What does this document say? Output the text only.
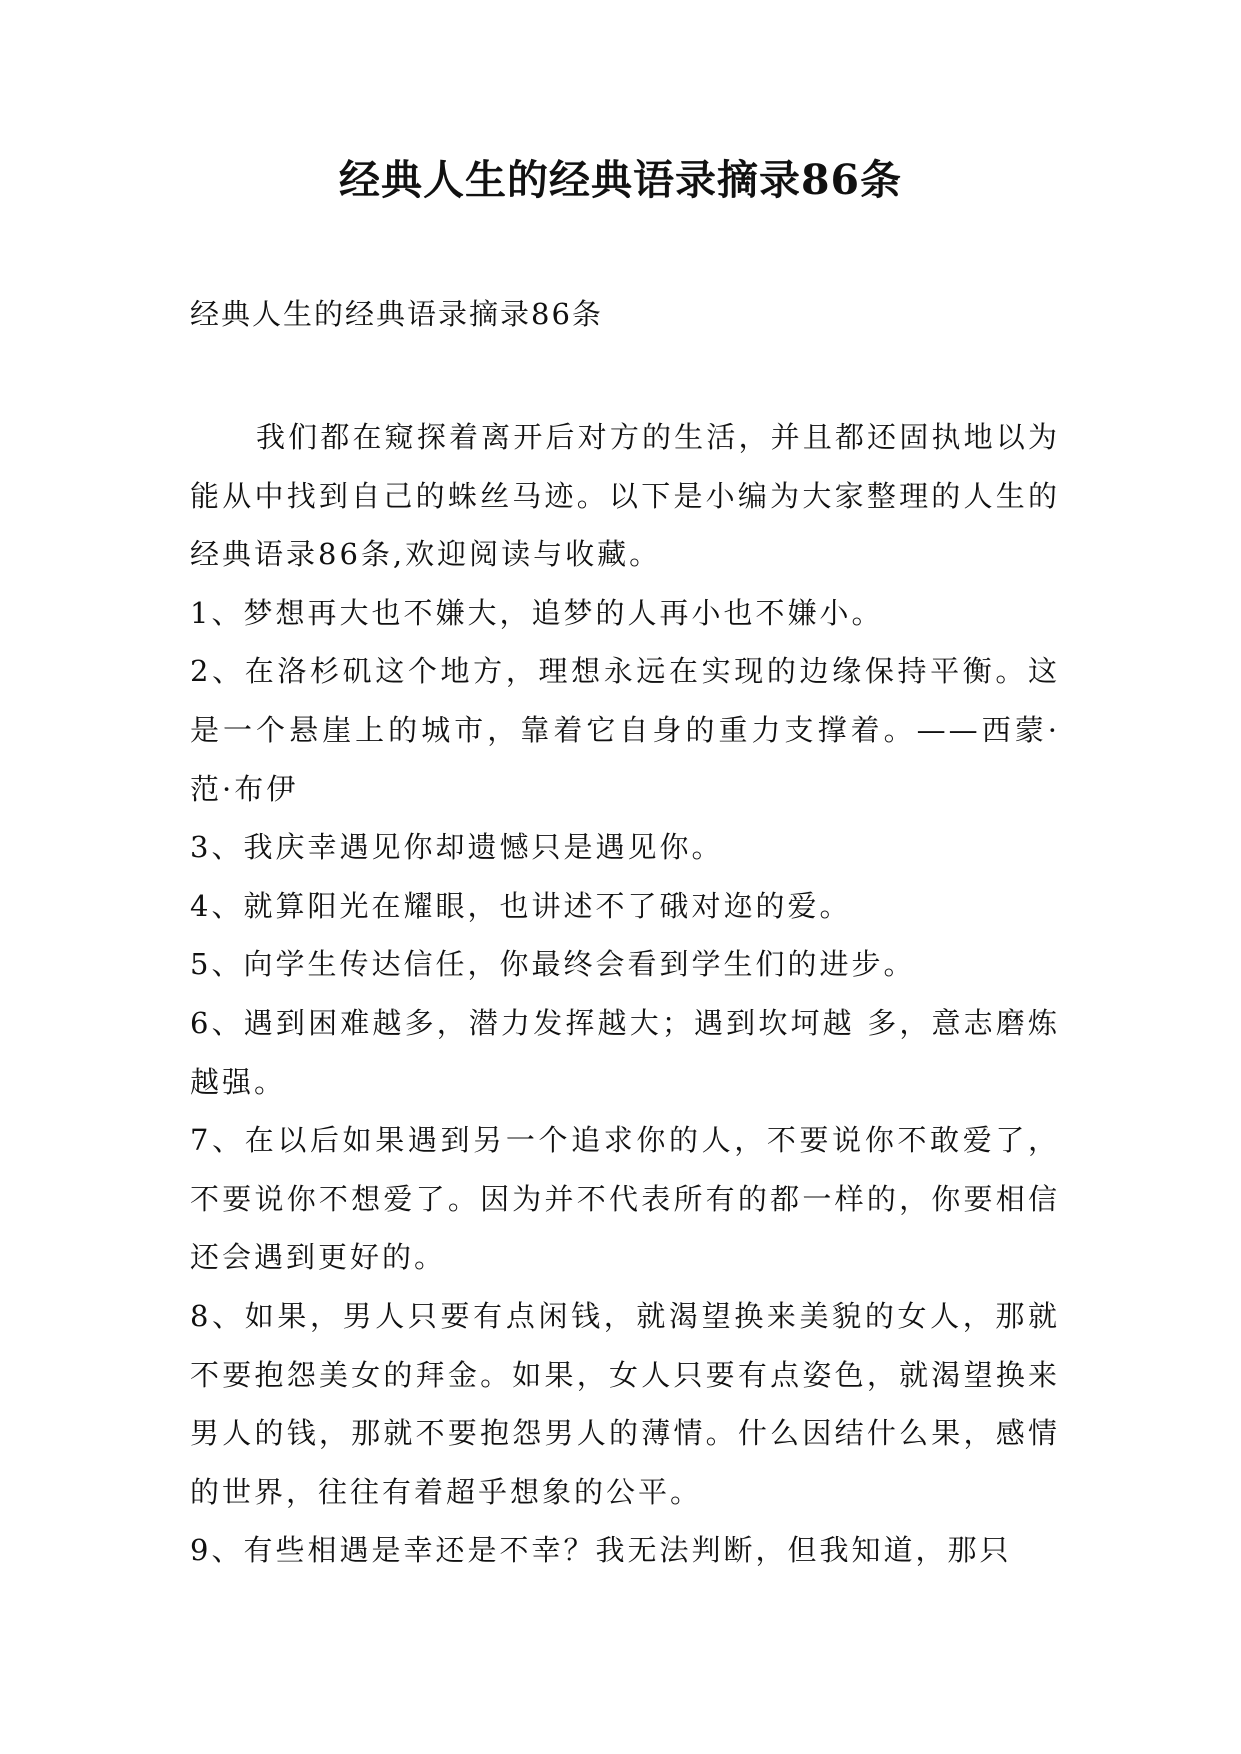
经典人生的经典语录摘录86条
经典人生的经典语录摘录86条

我们都在窥探着离开后对方的生活，并且都还固执地以为能从中找到自己的蛛丝马迹。以下是小编为大家整理的人生的经典语录86条,欢迎阅读与收藏。

1、梦想再大也不嫌大，追梦的人再小也不嫌小。

2、在洛杉矶这个地方，理想永远在实现的边缘保持平衡。这是一个悬崖上的城市，靠着它自身的重力支撑着。——西蒙·范·布伊

3、我庆幸遇见你却遗憾只是遇见你。

4、就算阳光在耀眼，也讲述不了硪对迩的爱。

5、向学生传达信任，你最终会看到学生们的进步。

6、遇到困难越多，潜力发挥越大；遇到坎坷越 多，意志磨炼越强。

7、在以后如果遇到另一个追求你的人，不要说你不敢爱了，不要说你不想爱了。因为并不代表所有的都一样的，你要相信还会遇到更好的。

8、如果，男人只要有点闲钱，就渴望换来美貌的女人，那就不要抱怨美女的拜金。如果，女人只要有点姿色，就渴望换来男人的钱，那就不要抱怨男人的薄情。什么因结什么果，感情的世界，往往有着超乎想象的公平。

9、有些相遇是幸还是不幸？我无法判断，但我知道，那只
